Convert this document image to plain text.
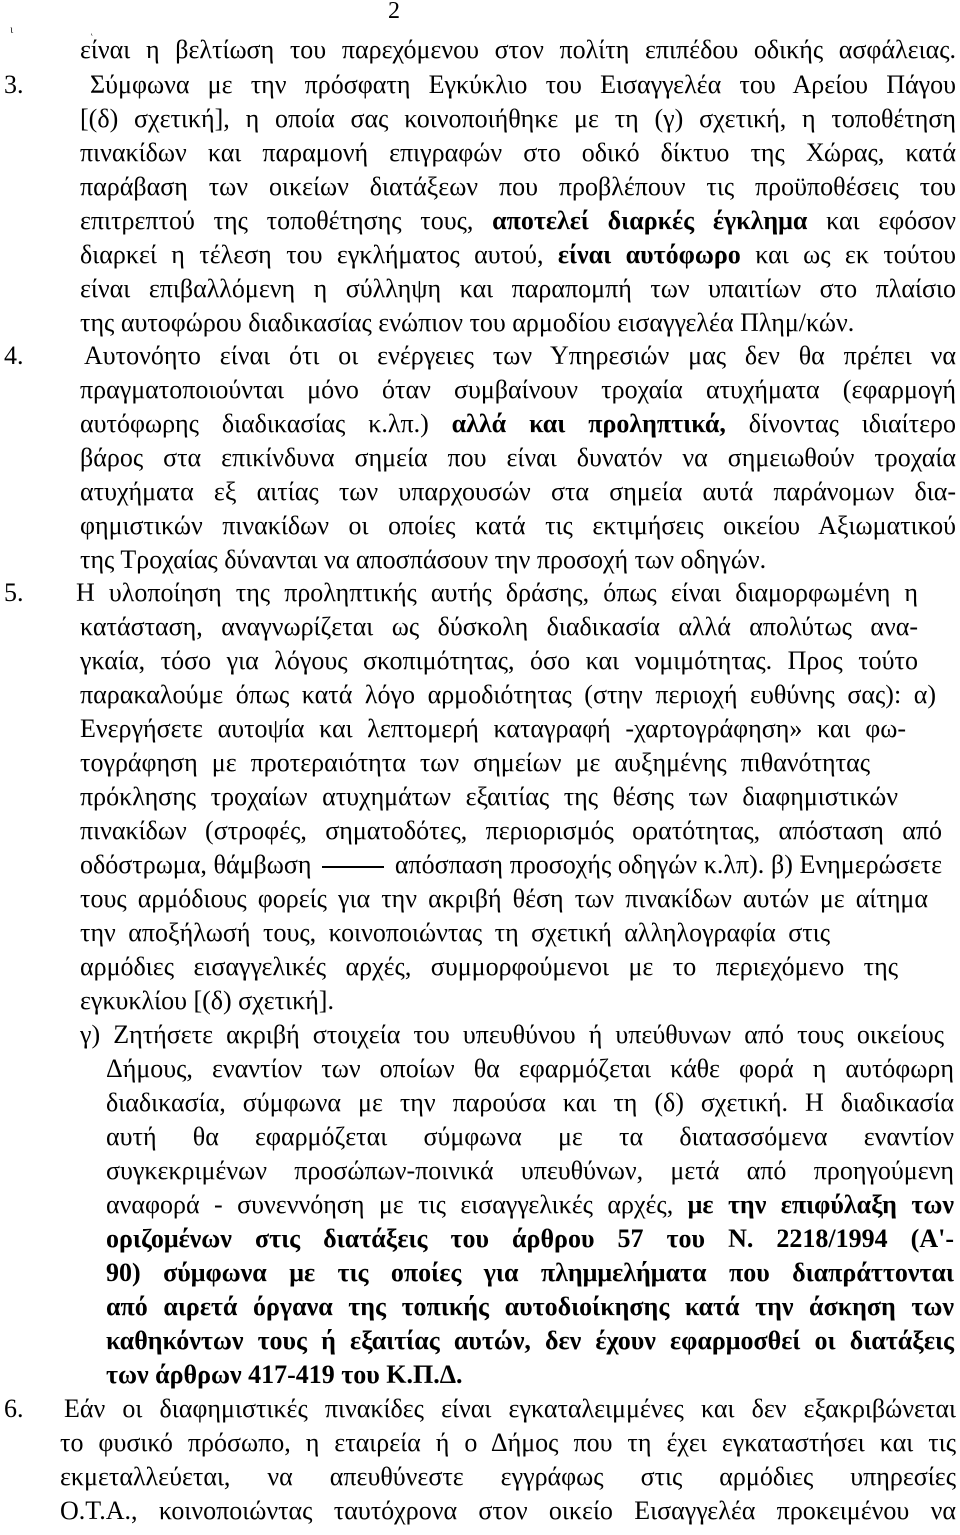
2
ι
είναι η βελτίωση του παρεχόμενου στον πολίτη επιπέδου οδικής ασφάλειας.
3.	Σύμφωνα με την πρόσφατη Εγκύκλιο του Εισαγγελέα του Αρείου Πάγου
[(δ) σχετική], η οποία σας κοινοποιήθηκε με τη (γ) σχετική, η τοποθέτηση
πινακίδων και παραμονή επιγραφών στο οδικό δίκτυο της Χώρας, κατά
παράβαση των οικείων διατάξεων που προβλέπουν τις προϋποθέσεις του
επιτρεπτού της τοποθέτησης τους, αποτελεί διαρκές έγκλημα και εφόσον
διαρκεί η τέλεση του εγκλήματος αυτού, είναι αυτόφωρο και ως εκ τούτου
είναι επιβαλλόμενη η σύλληψη και παραπομπή των υπαιτίων στο πλαίσιο
της αυτοφώρου διαδικασίας ενώπιον του αρμοδίου εισαγγελέα Πλημ/κών.
4. Αυτονόητο είναι ότι οι ενέργειες των Υπηρεσιών μας δεν θα πρέπει να
πραγματοποιούνται μόνο όταν συμβαίνουν τροχαία ατυχήματα (εφαρμογή
αυτόφωρης διαδικασίας κ.λπ.) αλλά και προληπτικά, δίνοντας ιδιαίτερο
βάρος στα επικίνδυνα σημεία που είναι δυνατόν να σημειωθούν τροχαία
ατυχήματα εξ αιτίας των υπαρχουσών στα σημεία αυτά παράνομων δια-
φημιστικών πινακίδων οι οποίες κατά τις εκτιμήσεις οικείου Αξιωματικού
της Τροχαίας δύνανται να αποσπάσουν την προσοχή των οδηγών.
5. Η υλοποίηση της προληπτικής αυτής δράσης, όπως είναι διαμορφωμένη η
κατάσταση, αναγνωρίζεται ως δύσκολη διαδικασία αλλά απολύτως ανα-
γκαία, τόσο για λόγους σκοπιμότητας, όσο και νομιμότητας. Προς τούτο
παρακαλούμε όπως κατά λόγο αρμοδιότητας (στην περιοχή ευθύνης σας): α)
Ενεργήσετε αυτοψία και λεπτομερή καταγραφή -χαρτογράφηση» και φω-
τογράφηση με προτεραιότητα των σημείων με αυξημένης πιθανότητας
πρόκλησης τροχαίων ατυχημάτων εξαιτίας της θέσης των διαφημιστικών
πινακίδων (στροφές, σηματοδότες, περιορισμός ορατότητας, απόσταση από
οδόστρωμα, θάμβωση	απόσπαση προσοχής οδηγών κ.λπ). β) Ενημερώσετε
τους αρμόδιους φορείς για την ακριβή θέση των πινακίδων αυτών με αίτημα
την αποξήλωσή τους, κοινοποιώντας τη σχετική αλληλογραφία στις
αρμόδιες εισαγγελικές αρχές, συμμορφούμενοι με το περιεχόμενο της
εγκυκλίου [(δ) σχετική].
γ) Ζητήσετε ακριβή στοιχεία του υπευθύνου ή υπεύθυνων από τους οικείους
Δήμους, εναντίον των οποίων θα εφαρμόζεται κάθε φορά η αυτόφωρη
διαδικασία, σύμφωνα με την παρούσα και τη (δ) σχετική. Η διαδικασία
αυτή θα εφαρμόζεται σύμφωνα με τα διατασσόμενα εναντίον
συγκεκριμένων προσώπων-ποινικά υπευθύνων, μετά από προηγούμενη
αναφορά - συνεννόηση με τις εισαγγελικές αρχές, με την επιφύλαξη των
οριζομένων στις διατάξεις του άρθρου 57 του Ν. 2218/1994 (Α'-
90) σύμφωνα με τις οποίες για πλημμελήματα που διαπράττονται
από αιρετά όργανα της τοπικής αυτοδιοίκησης κατά την άσκηση των
καθηκόντων τους ή εξαιτίας αυτών, δεν έχουν εφαρμοσθεί οι διατάξεις
των άρθρων 417-419 του Κ.Π.Δ.
6. Εάν οι διαφημιστικές πινακίδες είναι εγκαταλειμμένες και δεν εξακριβώνεται
το φυσικό πρόσωπο, η εταιρεία ή ο Δήμος που τη έχει εγκαταστήσει και τις
εκμεταλλεύεται, να απευθύνεστε εγγράφως στις αρμόδιες υπηρεσίες
Ο.Τ.Α., κοινοποιώντας ταυτόχρονα στον οικείο Εισαγγελέα προκειμένου να
